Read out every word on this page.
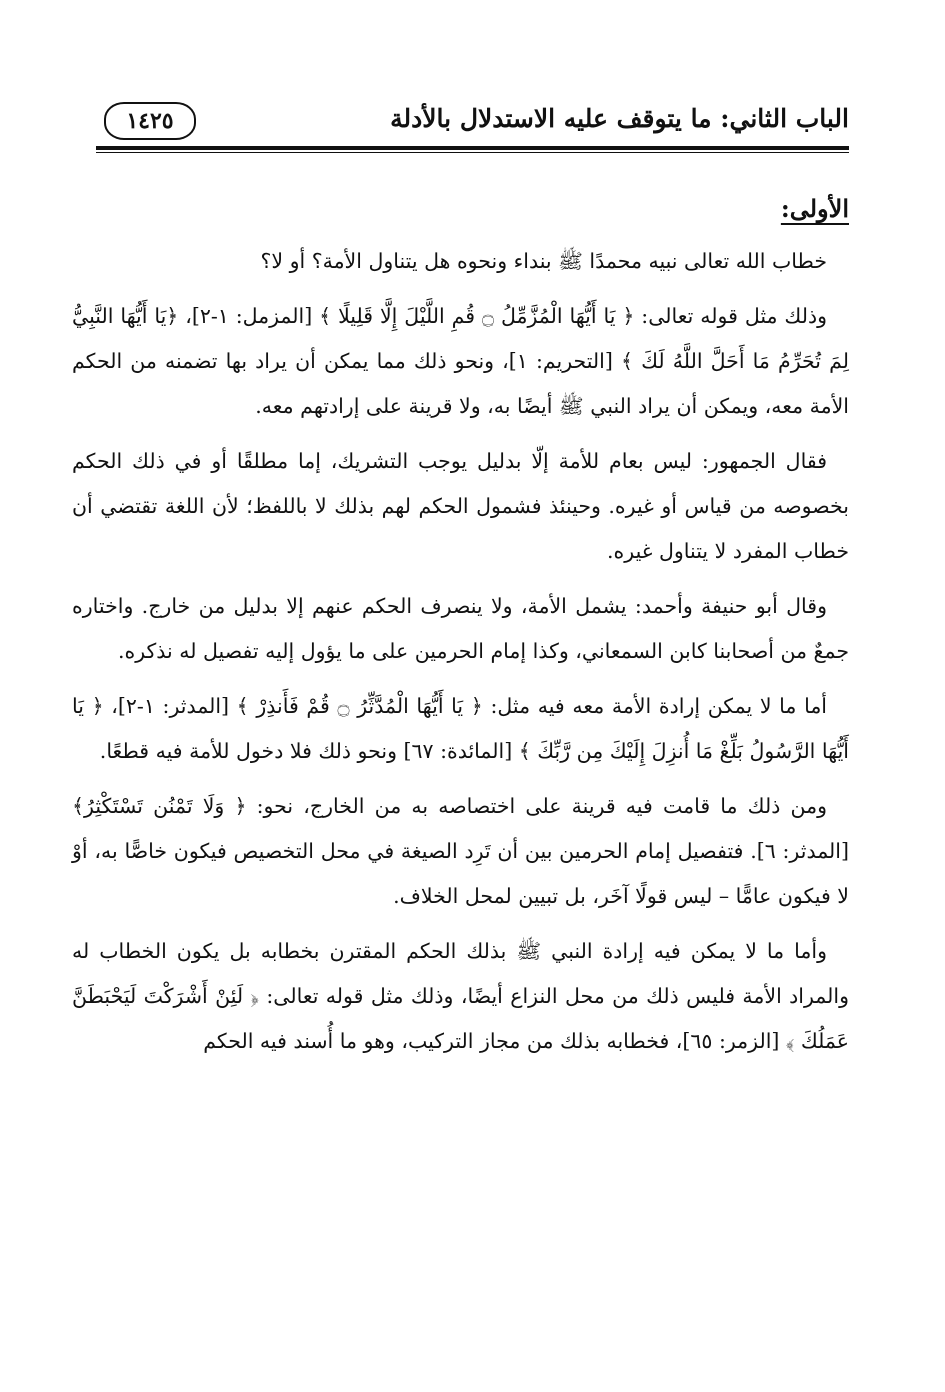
الباب الثاني: ما يتوقف عليه الاستدلال بالأدلة
١٤٢٥
الأولى:

خطاب الله تعالى نبيه محمدًا ﷺ بنداء ونحوه هل يتناول الأمة؟ أو لا؟

وذلك مثل قوله تعالى: ﴿ يَا أَيُّهَا الْمُزَّمِّلُ ۝ قُمِ اللَّيْلَ إِلَّا قَلِيلًا ﴾ [المزمل: ١-٢]، ﴿يَا أَيُّهَا النَّبِيُّ لِمَ تُحَرِّمُ مَا أَحَلَّ اللَّهُ لَكَ ﴾ [التحريم: ١]، ونحو ذلك مما يمكن أن يراد بها تضمنه من الحكم الأمة معه، ويمكن أن يراد النبي ﷺ أيضًا به، ولا قرينة على إرادتهم معه.

فقال الجمهور: ليس بعام للأمة إلّا بدليل يوجب التشريك، إما مطلقًا أو في ذلك الحكم بخصوصه من قياس أو غيره. وحينئذ فشمول الحكم لهم بذلك لا باللفظ؛ لأن اللغة تقتضي أن خطاب المفرد لا يتناول غيره.

وقال أبو حنيفة وأحمد: يشمل الأمة، ولا ينصرف الحكم عنهم إلا بدليل من خارج. واختاره جمعٌ من أصحابنا كابن السمعاني، وكذا إمام الحرمين على ما يؤول إليه تفصيل له نذكره.

أما ما لا يمكن إرادة الأمة معه فيه مثل: ﴿ يَا أَيُّهَا الْمُدَّثِّرُ ۝ قُمْ فَأَنذِرْ ﴾ [المدثر: ١-٢]، ﴿ يَا أَيُّهَا الرَّسُولُ بَلِّغْ مَا أُنزِلَ إِلَيْكَ مِن رَّبِّكَ ﴾ [المائدة: ٦٧] ونحو ذلك فلا دخول للأمة فيه قطعًا.

ومن ذلك ما قامت فيه قرينة على اختصاصه به من الخارج، نحو: ﴿ وَلَا تَمْنُن تَسْتَكْثِرُ﴾ [المدثر: ٦]. فتفصيل إمام الحرمين بين أن تَرِد الصيغة في محل التخصيص فيكون خاصًّا به، أوْ لا فيكون عامًّا – ليس قولًا آخَر، بل تبيين لمحل الخلاف.

وأما ما لا يمكن فيه إرادة النبي ﷺ بذلك الحكم المقترن بخطابه بل يكون الخطاب له والمراد الأمة فليس ذلك من محل النزاع أيضًا، وذلك مثل قوله تعالى: ﴿ لَئِنْ أَشْرَكْتَ لَيَحْبَطَنَّ عَمَلُكَ ﴾ [الزمر: ٦٥]، فخطابه بذلك من مجاز التركيب، وهو ما أُسند فيه الحكم
